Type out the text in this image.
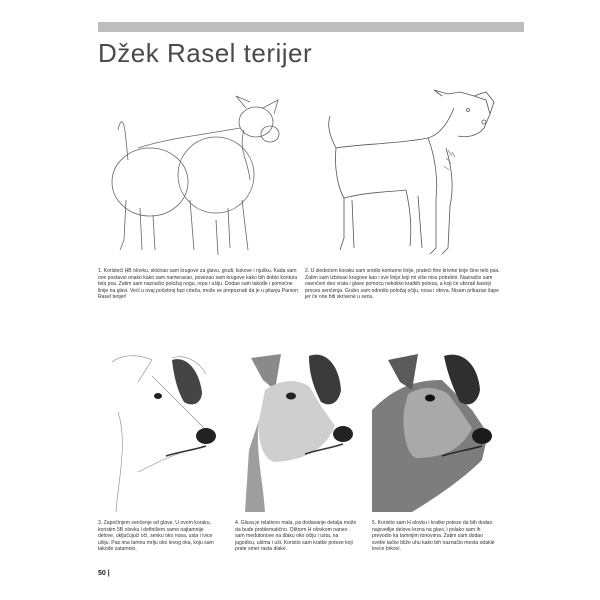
Džek Rasel terijer
1. Koristeći HB olovku, skicirao sam krugove za glavu, grudi, kukove i njušku. Kada sam ove postavio onako kako sam nameravao, povezao sam krugove kako bih dobio konturu tela psa. Zatim sam naznačio položaj nogu, repa i ušiju. Dodao sam takođe i pomoćne linije na glavi. Veći u ovaj početnoj fazi crteža, može se prepoznati da je u pitanju Parson Rasel terijer!
2. U sledećem koraku sam srediо konturne linije, pratеći fine krivine koje čine telo psa. Zatim sam izbrisao krugove kao i sve linije koji mi više nisu potrebni. Naznačio sam osenčeni deo vrata i glave pomoću nekoliko kratkih poteza, a koji će ubrzati kasniji proces senčenja. Grubo sam odredio položaj očiju, nosa i obrva. Nisam prikazao šape jer će one biti skrivene u senu.
3. Započinjem senčenje od glave. U ovom koraku, koristim 5B olovku i definišem samo najtamnije delove, uključujući oči, senku oko nosa, usta i ivice ušiju. Pas ima tamnu mrlju oko levog oka, koju sam takođe zatamnio.
4. Glava je relativno mala, pa dodavanje detalja može da bude problematično. Oštrom H olovkom nanеo sam međutonove na dlaku oko očiju i usta, na jagodicu, ušima i uši. Koristio sam kratke poteze koji prate smer rasta dlake.
5. Koristio sam H olovku i kratke poteze da bih dodao najsvetlije delove krzna na glavi, i polako sam ih prevodio ka tamnijim tonovima. Zatim sam dodao svetle tačke bliže uhu kako bih naznačio mesta odakle kreće brkovi.
50 |
